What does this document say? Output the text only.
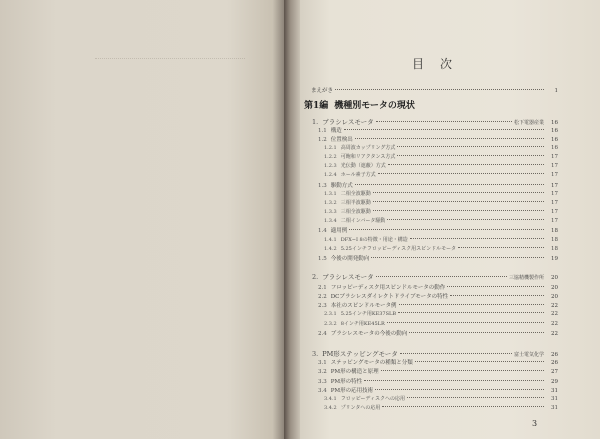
目　次
まえがき	1
第1編 機種別モータの現状
1. ブラシレスモータ	松下電器産業	16
1.1 構造	16
1.2 位置検出	16
1.2.1 高周波カップリング方式	16
1.2.2 可飽和リアクタンス方式	17
1.2.3 光伝動（遮蔽）方式	17
1.2.4 ホール素子方式	17
1.3 駆動方式	17
1.3.1 二相全波駆動	17
1.3.2 三相半波駆動	17
1.3.3 三相全波駆動	17
1.3.4 二相インバータ駆動	17
1.4 適用例	18
1.4.1 DFX−I 8の特徴・用途・構造	18
1.4.2 5.25インチフロッピーディスク用スピンドルモータ	18
1.5 今後の開発動向	19
2. ブラシレスモータ	三協精機製作所	20
2.1 フロッピーディスク用スピンドルモータの動作	20
2.2 DCブラシレスダイレクトドライブモータの特性	20
2.3 本社のスピンドルモータ例	22
2.3.1 5.25インチ用KE37SLB	22
2.3.2 8インチ用KE45LR	22
2.4 ブラシレスモータの今後の動向	22
3. PM形ステッピングモータ	富士電気化学	26
3.1 ステッピングモータの種類と分類	26
3.2 PM形の構造と原理	27
3.3 PM形の特性	29
3.4 PM形の応用技術	31
3.4.1 フロッピーディスクへの応用	31
3.4.2 プリンタへの応用	31
3
